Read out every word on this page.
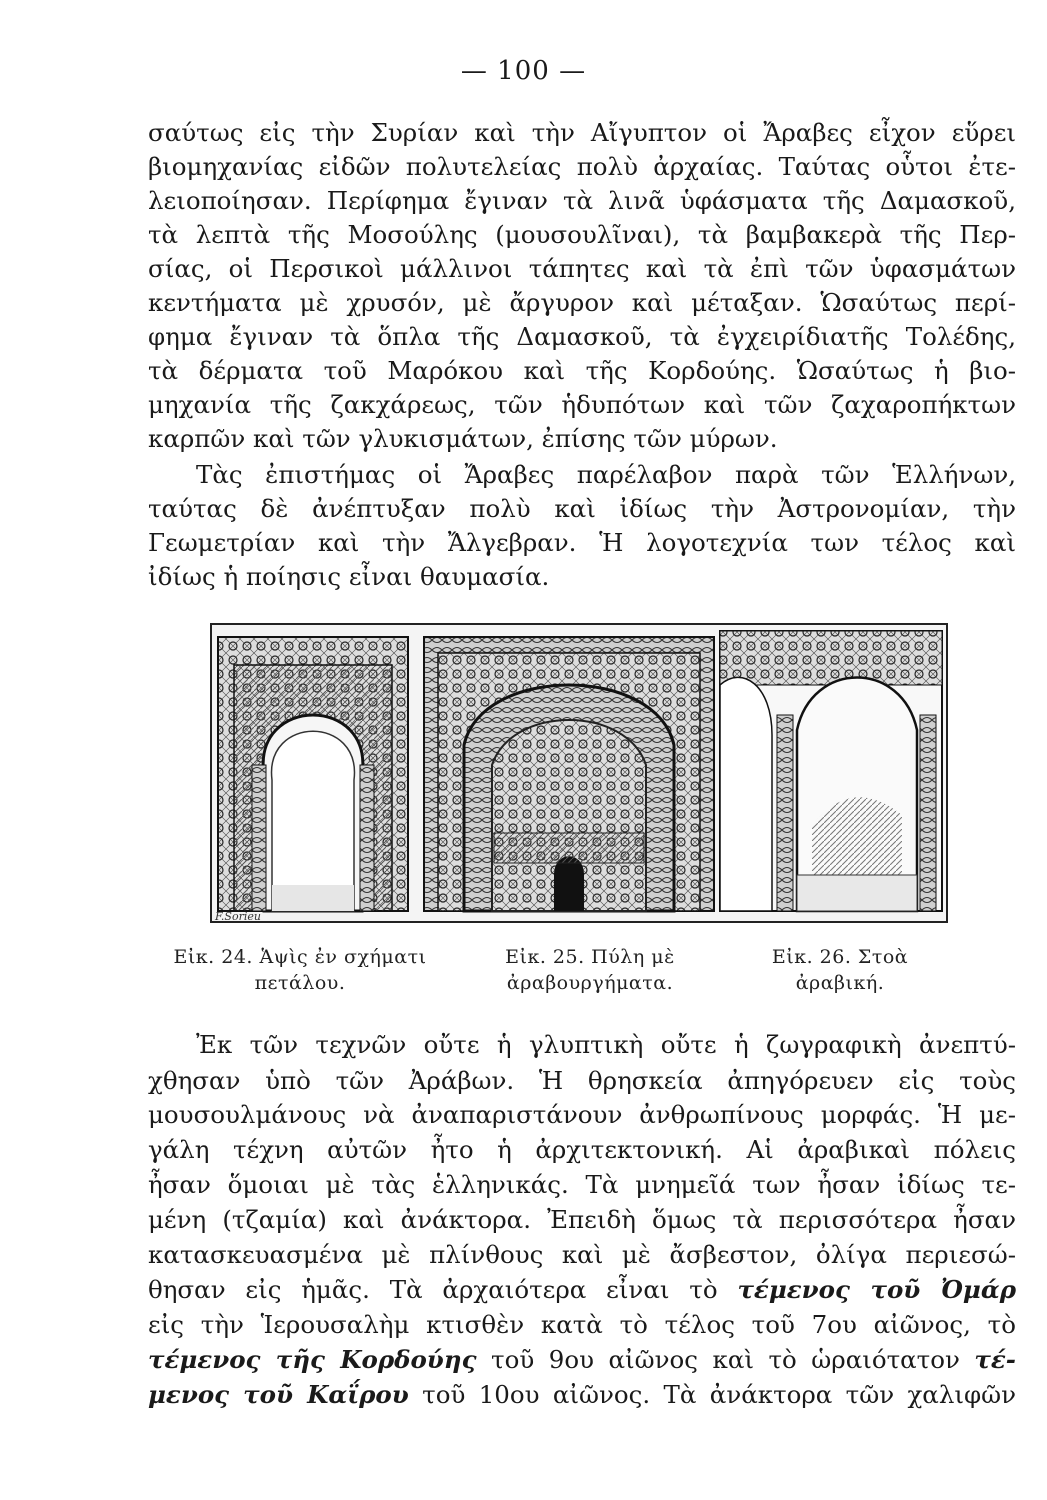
— 100 —
σαύτως εἰς τὴν Συρίαν καὶ τὴν Αἴγυπτον οἱ Ἄραβες εἶχον εὕρει
βιομηχανίας εἰδῶν πολυτελείας πολὺ ἀρχαίας. Ταύτας οὗτοι ἐτε-
λειοποίησαν. Περίφημα ἔγιναν τὰ λινᾶ ὑφάσματα τῆς Δαμασκοῦ,
τὰ λεπτὰ τῆς Μοσούλης (μουσουλῖναι), τὰ βαμβακερὰ τῆς Περ-
σίας, οἱ Περσικοὶ μάλλινοι τάπητες καὶ τὰ ἐπὶ τῶν ὑφασμάτων
κεντήματα μὲ χρυσόν, μὲ ἄργυρον καὶ μέταξαν. Ὡσαύτως περί-
φημα ἔγιναν τὰ ὅπλα τῆς Δαμασκοῦ, τὰ ἐγχειρίδιατῆς Τολέδης,
τὰ δέρματα τοῦ Μαρόκου καὶ τῆς Κορδούης. Ὡσαύτως ἡ βιο-
μηχανία τῆς ζακχάρεως, τῶν ἡδυπότων καὶ τῶν ζαχαροπήκτων
καρπῶν καὶ τῶν γλυκισμάτων, ἐπίσης τῶν μύρων.
Τὰς ἐπιστήμας οἱ Ἄραβες παρέλαβον παρὰ τῶν Ἑλλήνων,
ταύτας δὲ ἀνέπτυξαν πολὺ καὶ ἰδίως τὴν Ἀστρονομίαν, τὴν
Γεωμετρίαν καὶ τὴν Ἄλγεβραν. Ἡ λογοτεχνία των τέλος καὶ
ἰδίως ἡ ποίησις εἶναι θαυμασία.
F.Sorieu
Εἰκ. 24. Ἁψὶς ἐν σχήματι
πετάλου.
Εἰκ. 25. Πύλη μὲ
ἀραβουργήματα.
Εἰκ. 26. Στοὰ
ἀραβική.
Ἐκ τῶν τεχνῶν οὔτε ἡ γλυπτικὴ οὔτε ἡ ζωγραφικὴ ἀνεπτύ-
χθησαν ὑπὸ τῶν Ἀράβων. Ἡ θρησκεία ἀπηγόρευεν εἰς τοὺς
μουσουλμάνους νὰ ἀναπαριστάνουν ἀνθρωπίνους μορφάς. Ἡ με-
γάλη τέχνη αὐτῶν ἦτο ἡ ἀρχιτεκτονική. Αἱ ἀραβικαὶ πόλεις
ἦσαν ὅμοιαι μὲ τὰς ἑλληνικάς. Τὰ μνημεῖά των ἦσαν ἰδίως τε-
μένη (τζαμία) καὶ ἀνάκτορα. Ἐπειδὴ ὅμως τὰ περισσότερα ἦσαν
κατασκευασμένα μὲ πλίνθους καὶ μὲ ἄσβεστον, ὀλίγα περιεσώ-
θησαν εἰς ἡμᾶς. Τὰ ἀρχαιότερα εἶναι τὸ τέμενος τοῦ Ὀμάρ
εἰς τὴν Ἱερουσαλὴμ κτισθὲν κατὰ τὸ τέλος τοῦ 7ου αἰῶνος, τὸ
τέμενος τῆς Κορδούης τοῦ 9ου αἰῶνος καὶ τὸ ὡραιότατον τέ-
μενος τοῦ Καΐρου τοῦ 10ου αἰῶνος. Τὰ ἀνάκτορα τῶν χαλιφῶν
